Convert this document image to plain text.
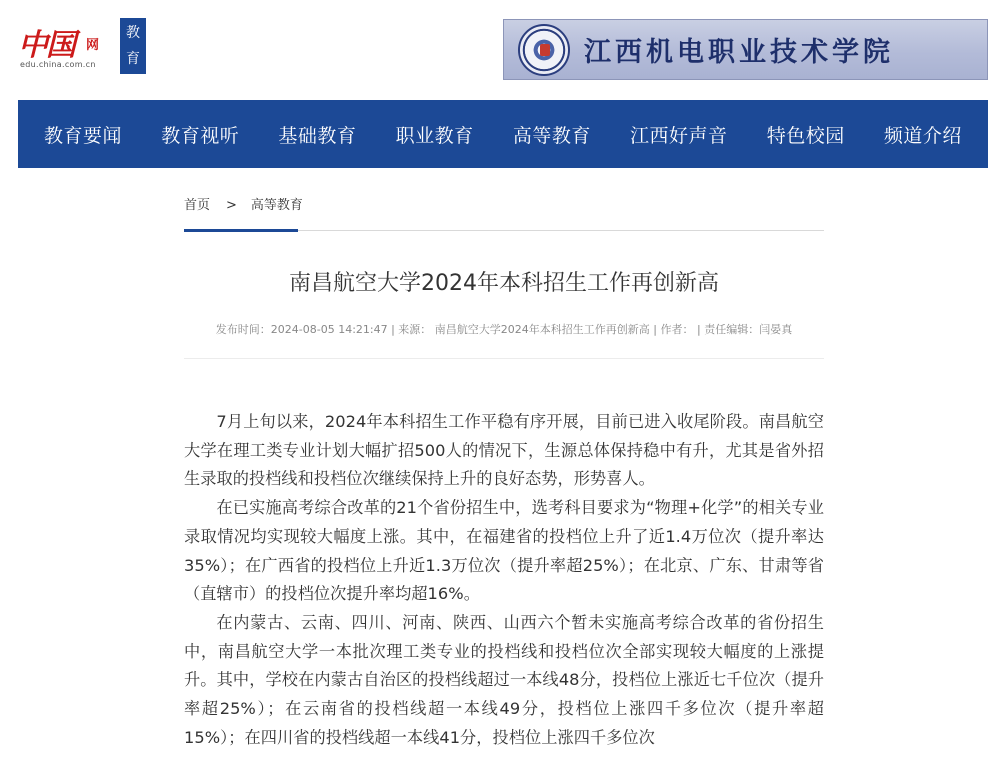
中国 网
edu.china.com.cn
教育	江西机电职业技术学院
教育要闻 教育视听 基础教育 职业教育 高等教育 江西好声音 特色校园 频道介绍
首页 > 高等教育
南昌航空大学2024年本科招生工作再创新高
发布时间：2024-08-05 14:21:47 | 来源： 南昌航空大学2024年本科招生工作再创新高 | 作者： | 责任编辑：闫晏真

7月上旬以来，2024年本科招生工作平稳有序开展，目前已进入收尾阶段。南昌航空大学在理工类专业计划大幅扩招500人的情况下，生源总体保持稳中有升，尤其是省外招生录取的投档线和投档位次继续保持上升的良好态势，形势喜人。

在已实施高考综合改革的21个省份招生中，选考科目要求为“物理+化学”的相关专业录取情况均实现较大幅度上涨。其中，在福建省的投档位上升了近1.4万位次（提升率达35%）；在广西省的投档位上升近1.3万位次（提升率超25%）；在北京、广东、甘肃等省（直辖市）的投档位次提升率均超16%。

在内蒙古、云南、四川、河南、陕西、山西六个暂未实施高考综合改革的省份招生中，南昌航空大学一本批次理工类专业的投档线和投档位次全部实现较大幅度的上涨提升。其中，学校在内蒙古自治区的投档线超过一本线48分，投档位上涨近七千位次（提升率超25%）；在云南省的投档线超一本线49分，投档位上涨四千多位次（提升率超15%）；在四川省的投档线超一本线41分，投档位上涨四千多位次
